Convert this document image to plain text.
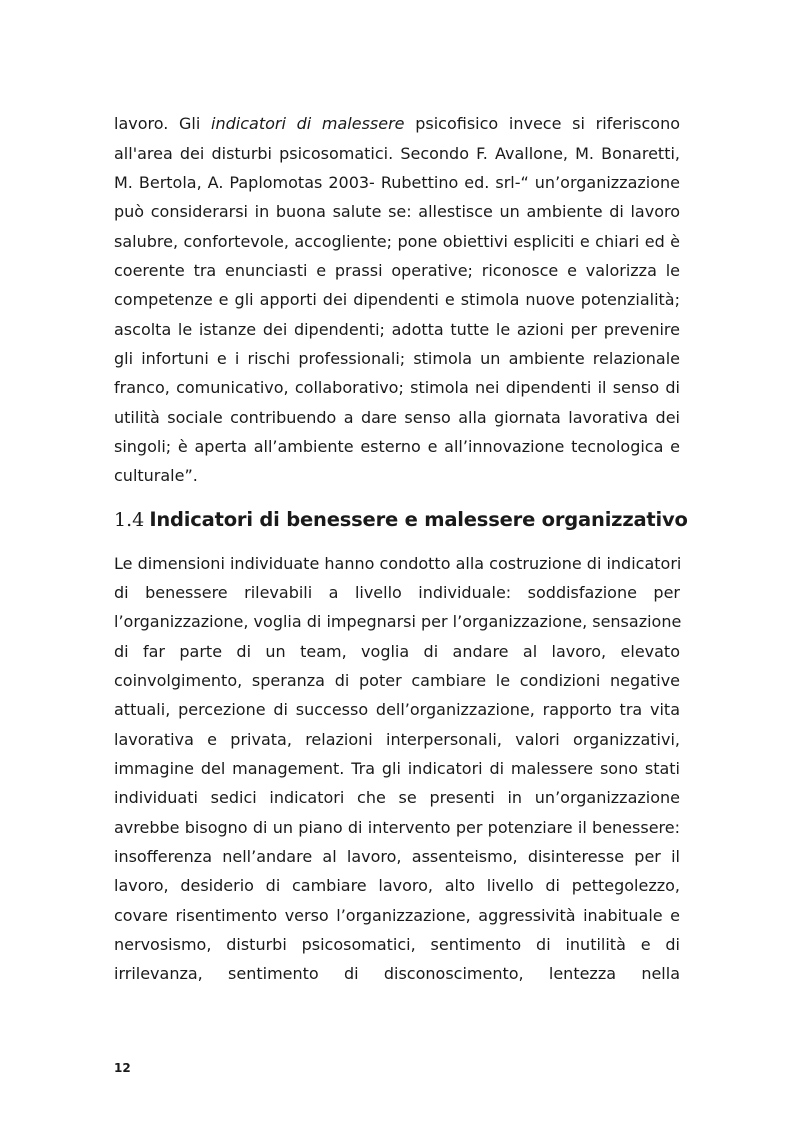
lavoro. Gli indicatori di malessere psicofisico invece si riferiscono
all'area dei disturbi psicosomatici. Secondo F. Avallone, M. Bonaretti,
M. Bertola, A. Paplomotas 2003- Rubettino ed. srl-“ un’organizzazione
può considerarsi in buona salute se: allestisce un ambiente di lavoro
salubre, confortevole, accogliente; pone obiettivi espliciti e chiari ed è
coerente tra enunciasti e prassi operative; riconosce e valorizza le
competenze e gli apporti dei dipendenti e stimola nuove potenzialità;
ascolta le istanze dei dipendenti; adotta tutte le azioni per prevenire
gli infortuni e i rischi professionali; stimola un ambiente relazionale
franco, comunicativo, collaborativo; stimola nei dipendenti il senso di
utilità sociale contribuendo a dare senso alla giornata lavorativa dei
singoli; è aperta all’ambiente esterno e all’innovazione tecnologica e
culturale”.
1.4 Indicatori di benessere e malessere organizzativo
Le dimensioni individuate hanno condotto alla costruzione di indicatori
di benessere rilevabili a livello individuale: soddisfazione per
l’organizzazione, voglia di impegnarsi per l’organizzazione, sensazione
di far parte di un team, voglia di andare al lavoro, elevato
coinvolgimento, speranza di poter cambiare le condizioni negative
attuali, percezione di successo dell’organizzazione, rapporto tra vita
lavorativa e privata, relazioni interpersonali, valori organizzativi,
immagine del management. Tra gli indicatori di malessere sono stati
individuati sedici indicatori che se presenti in un’organizzazione
avrebbe bisogno di un piano di intervento per potenziare il benessere:
insofferenza nell’andare al lavoro, assenteismo, disinteresse per il
lavoro, desiderio di cambiare lavoro, alto livello di pettegolezzo,
covare risentimento verso l’organizzazione, aggressività inabituale e
nervosismo, disturbi psicosomatici, sentimento di inutilità e di
irrilevanza, sentimento di disconoscimento, lentezza nella
12
